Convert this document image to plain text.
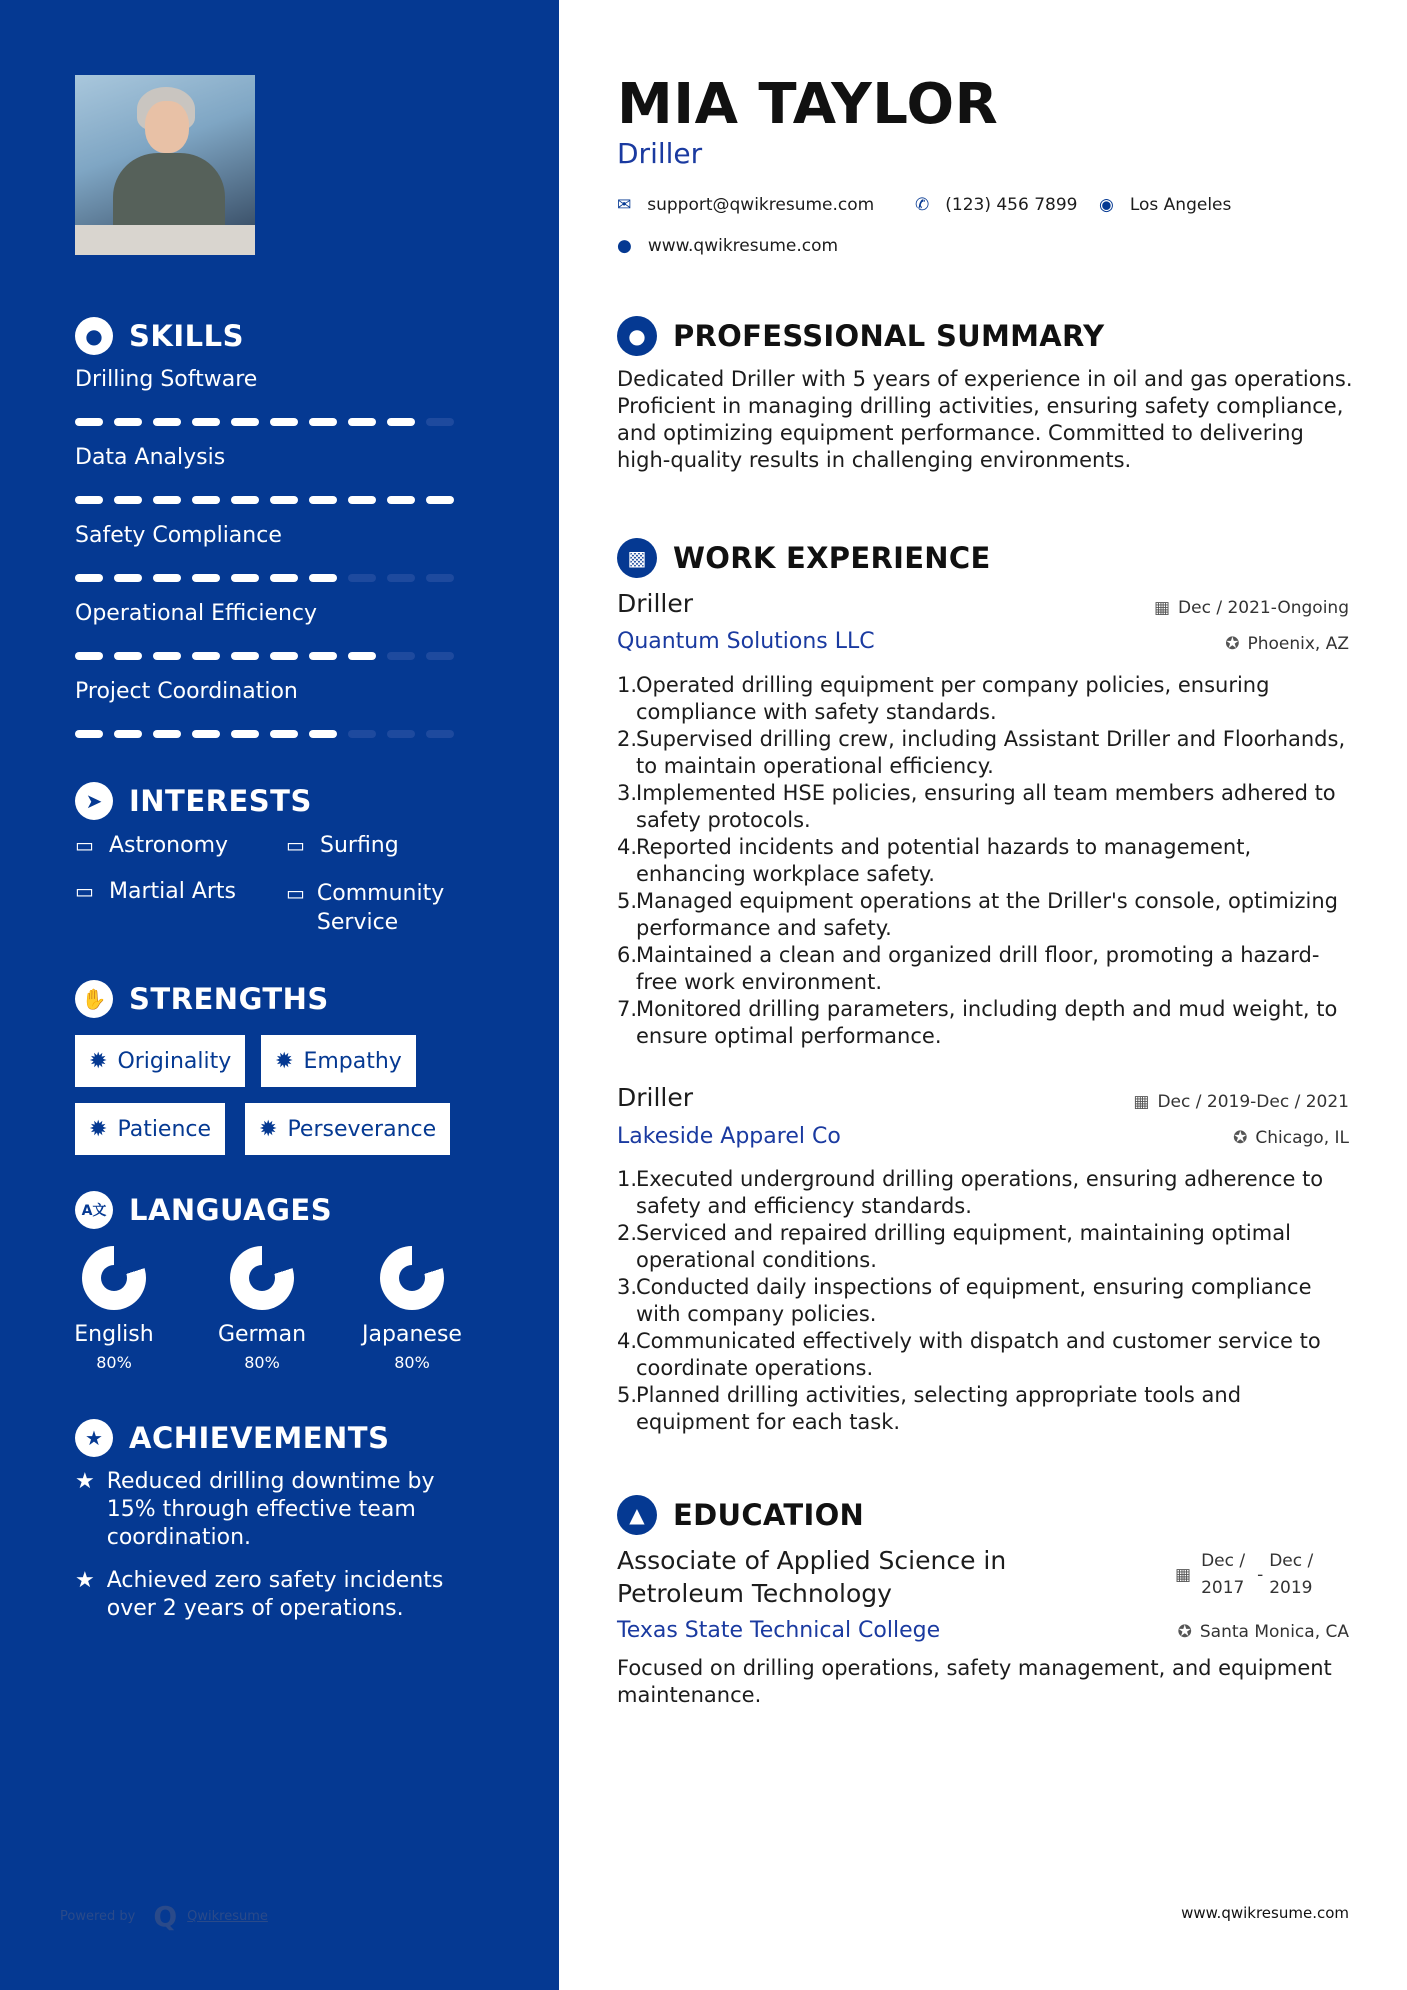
● SKILLS
Drilling Software
Data Analysis
Safety Compliance
Operational Efficiency
Project Coordination
➤ INTERESTS
▭ Astronomy	▭ Surfing
▭ Martial Arts ▭ Community Service
✋ STRENGTHS
✹ Originality ✹ Empathy
✹ Patience ✹ Perseverance
A文 LANGUAGES
English
80%
German
80%
Japanese
80%
★ ACHIEVEMENTS
★ Reduced drilling downtime by 15% through effective team coordination.
★ Achieved zero safety incidents over 2 years of operations.
Powered by Q Qwikresume
MIA TAYLOR
Driller
✉ support@qwikresume.com ✆ (123) 456 7899 ◉ Los Angeles
● www.qwikresume.com
● PROFESSIONAL SUMMARY
Dedicated Driller with 5 years of experience in oil and gas operations. Proficient in managing drilling activities, ensuring safety compliance, and optimizing equipment performance. Committed to delivering high-quality results in challenging environments.
▩ WORK EXPERIENCE
Driller	▦ Dec / 2021-Ongoing
Quantum Solutions LLC	✪ Phoenix, AZ
1.
Operated drilling equipment per company policies, ensuring compliance with safety standards.
2.
Supervised drilling crew, including Assistant Driller and Floorhands, to maintain operational efficiency.
3.
Implemented HSE policies, ensuring all team members adhered to safety protocols.
4.
Reported incidents and potential hazards to management, enhancing workplace safety.
5.
Managed equipment operations at the Driller's console, optimizing performance and safety.
6.
Maintained a clean and organized drill floor, promoting a hazard-free work environment.
7.
Monitored drilling parameters, including depth and mud weight, to ensure optimal performance.
Driller	▦ Dec / 2019-Dec / 2021
Lakeside Apparel Co	✪ Chicago, IL
1.
Executed underground drilling operations, ensuring adherence to safety and efficiency standards.
2.
Serviced and repaired drilling equipment, maintaining optimal operational conditions.
3.
Conducted daily inspections of equipment, ensuring compliance with company policies.
4.
Communicated effectively with dispatch and customer service to coordinate operations.
5.
Planned drilling activities, selecting appropriate tools and equipment for each task.
▲ EDUCATION
Associate of Applied Science in Petroleum Technology
▦
Dec / 2017
-
Dec / 2019
Texas State Technical College	✪ Santa Monica, CA
Focused on drilling operations, safety management, and equipment maintenance.
www.qwikresume.com
